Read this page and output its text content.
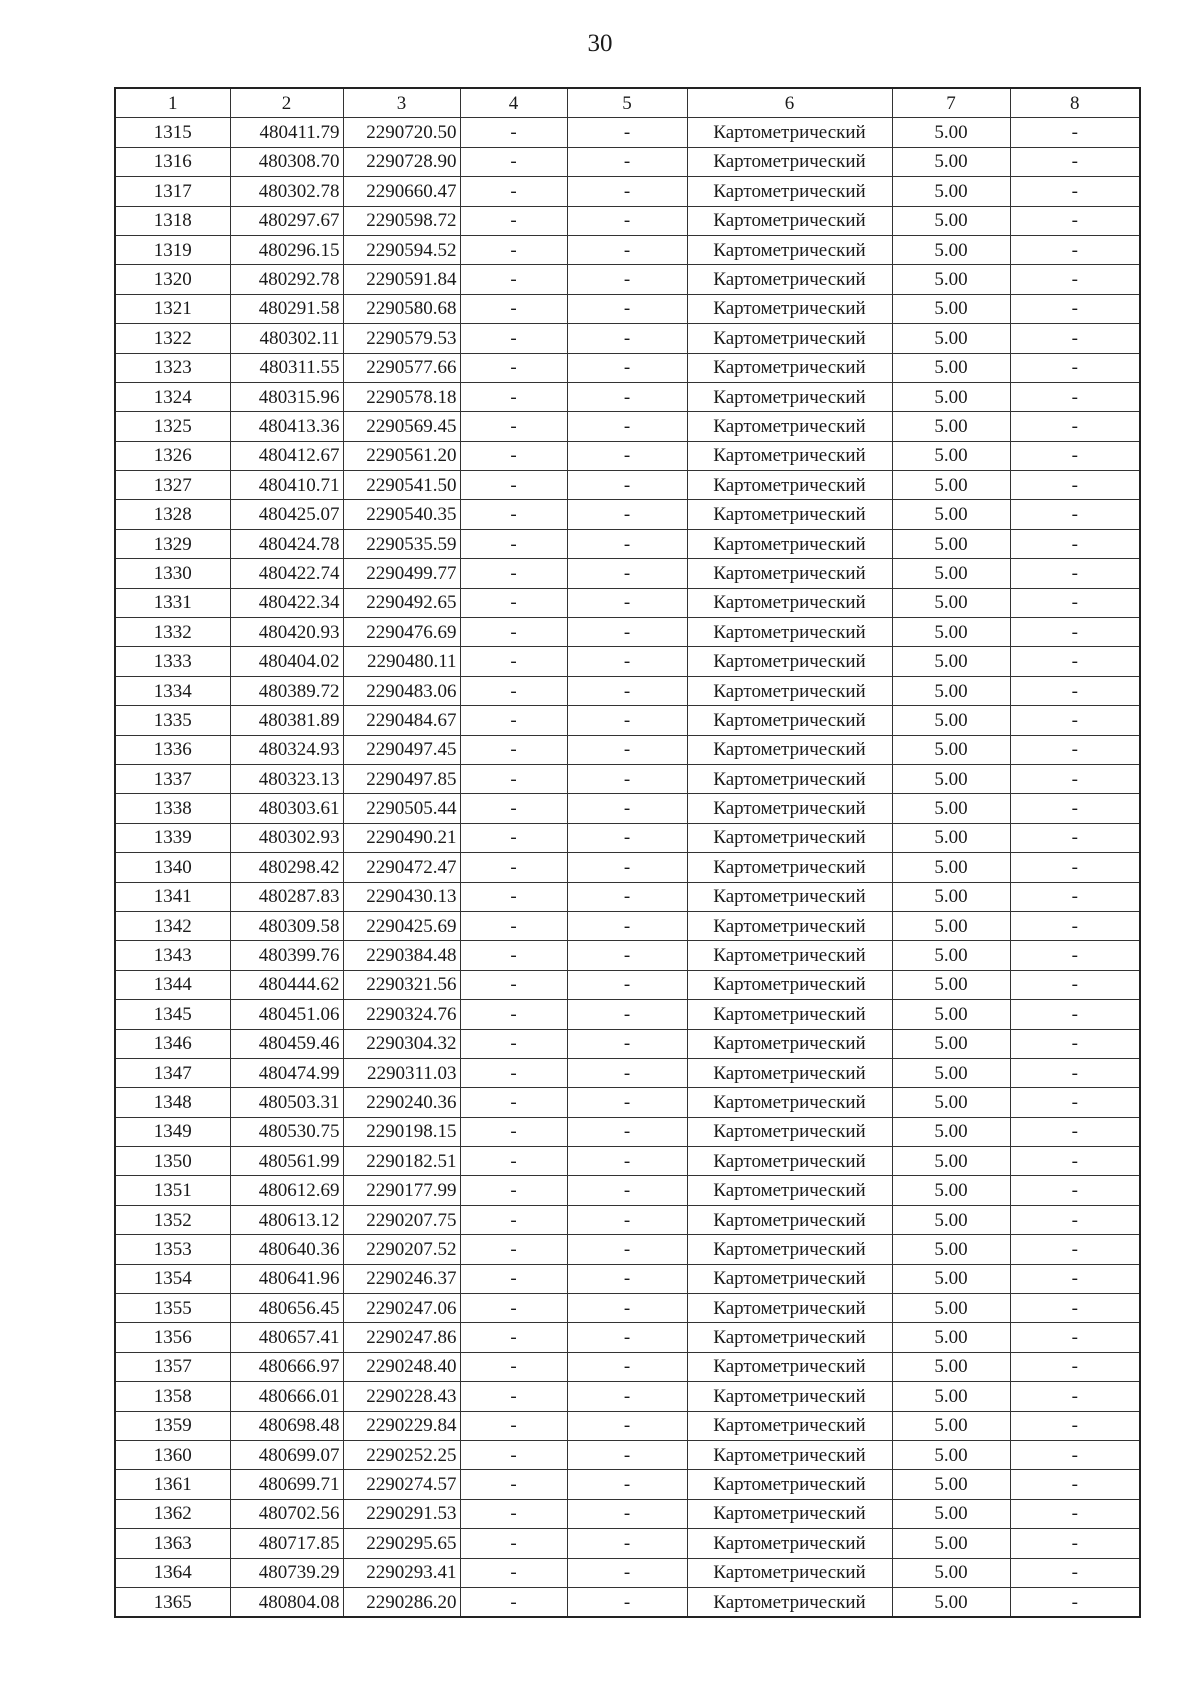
30
1	2	3	4	5	6	7	8
1315	480411.79	2290720.50	-	-	Картометрический	5.00	-
1316	480308.70	2290728.90	-	-	Картометрический	5.00	-
1317	480302.78	2290660.47	-	-	Картометрический	5.00	-
1318	480297.67	2290598.72	-	-	Картометрический	5.00	-
1319	480296.15	2290594.52	-	-	Картометрический	5.00	-
1320	480292.78	2290591.84	-	-	Картометрический	5.00	-
1321	480291.58	2290580.68	-	-	Картометрический	5.00	-
1322	480302.11	2290579.53	-	-	Картометрический	5.00	-
1323	480311.55	2290577.66	-	-	Картометрический	5.00	-
1324	480315.96	2290578.18	-	-	Картометрический	5.00	-
1325	480413.36	2290569.45	-	-	Картометрический	5.00	-
1326	480412.67	2290561.20	-	-	Картометрический	5.00	-
1327	480410.71	2290541.50	-	-	Картометрический	5.00	-
1328	480425.07	2290540.35	-	-	Картометрический	5.00	-
1329	480424.78	2290535.59	-	-	Картометрический	5.00	-
1330	480422.74	2290499.77	-	-	Картометрический	5.00	-
1331	480422.34	2290492.65	-	-	Картометрический	5.00	-
1332	480420.93	2290476.69	-	-	Картометрический	5.00	-
1333	480404.02	2290480.11	-	-	Картометрический	5.00	-
1334	480389.72	2290483.06	-	-	Картометрический	5.00	-
1335	480381.89	2290484.67	-	-	Картометрический	5.00	-
1336	480324.93	2290497.45	-	-	Картометрический	5.00	-
1337	480323.13	2290497.85	-	-	Картометрический	5.00	-
1338	480303.61	2290505.44	-	-	Картометрический	5.00	-
1339	480302.93	2290490.21	-	-	Картометрический	5.00	-
1340	480298.42	2290472.47	-	-	Картометрический	5.00	-
1341	480287.83	2290430.13	-	-	Картометрический	5.00	-
1342	480309.58	2290425.69	-	-	Картометрический	5.00	-
1343	480399.76	2290384.48	-	-	Картометрический	5.00	-
1344	480444.62	2290321.56	-	-	Картометрический	5.00	-
1345	480451.06	2290324.76	-	-	Картометрический	5.00	-
1346	480459.46	2290304.32	-	-	Картометрический	5.00	-
1347	480474.99	2290311.03	-	-	Картометрический	5.00	-
1348	480503.31	2290240.36	-	-	Картометрический	5.00	-
1349	480530.75	2290198.15	-	-	Картометрический	5.00	-
1350	480561.99	2290182.51	-	-	Картометрический	5.00	-
1351	480612.69	2290177.99	-	-	Картометрический	5.00	-
1352	480613.12	2290207.75	-	-	Картометрический	5.00	-
1353	480640.36	2290207.52	-	-	Картометрический	5.00	-
1354	480641.96	2290246.37	-	-	Картометрический	5.00	-
1355	480656.45	2290247.06	-	-	Картометрический	5.00	-
1356	480657.41	2290247.86	-	-	Картометрический	5.00	-
1357	480666.97	2290248.40	-	-	Картометрический	5.00	-
1358	480666.01	2290228.43	-	-	Картометрический	5.00	-
1359	480698.48	2290229.84	-	-	Картометрический	5.00	-
1360	480699.07	2290252.25	-	-	Картометрический	5.00	-
1361	480699.71	2290274.57	-	-	Картометрический	5.00	-
1362	480702.56	2290291.53	-	-	Картометрический	5.00	-
1363	480717.85	2290295.65	-	-	Картометрический	5.00	-
1364	480739.29	2290293.41	-	-	Картометрический	5.00	-
1365	480804.08	2290286.20	-	-	Картометрический	5.00	-
